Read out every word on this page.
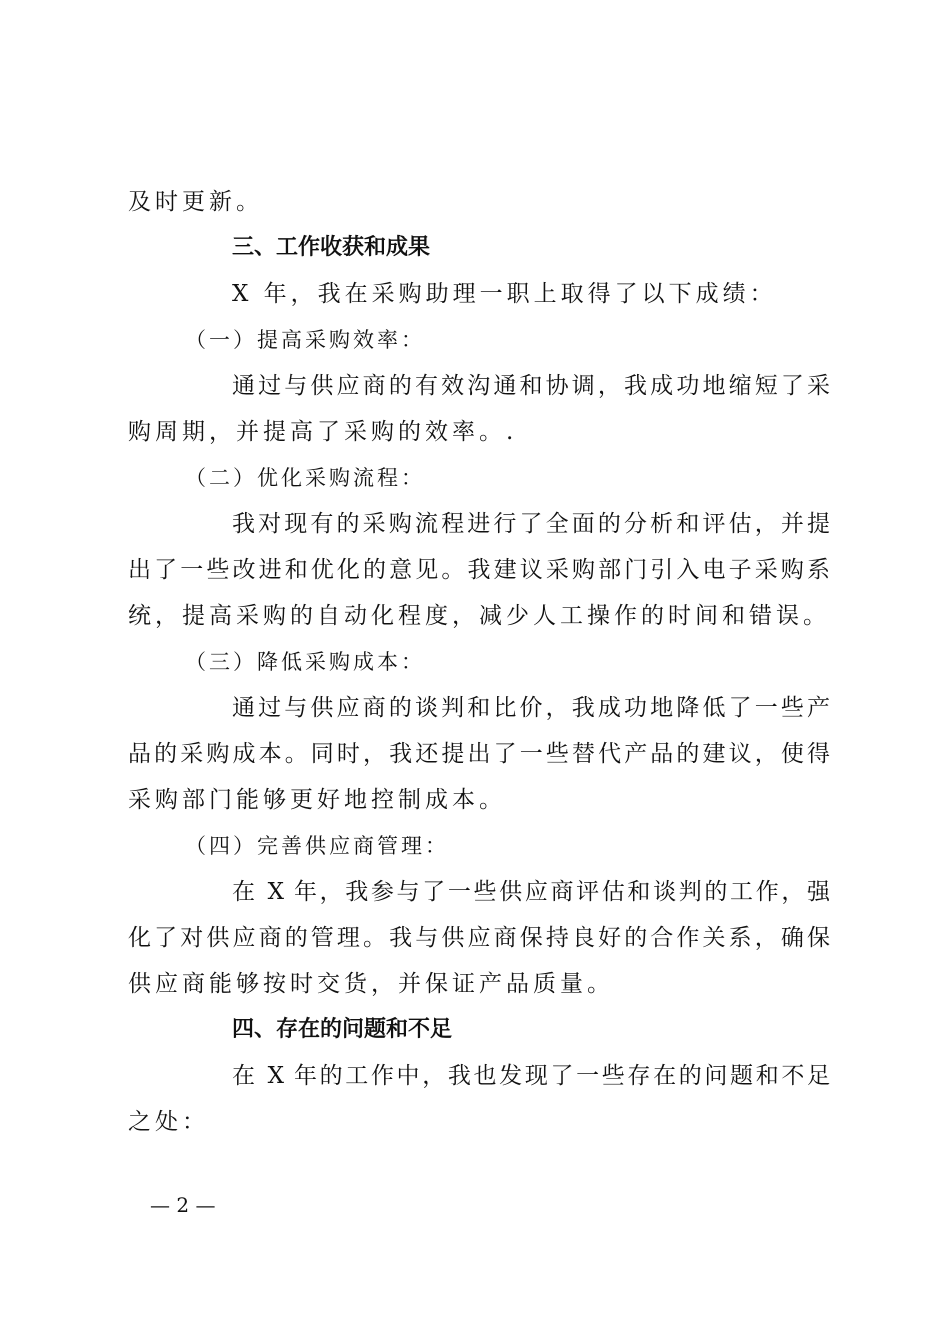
及时更新。
三、工作收获和成果
X 年，我在采购助理一职上取得了以下成绩：
（一）提高采购效率：
通过与供应商的有效沟通和协调，我成功地缩短了采
购周期，并提高了采购的效率。.
（二）优化采购流程：
我对现有的采购流程进行了全面的分析和评估，并提
出了一些改进和优化的意见。我建议采购部门引入电子采购系
统，提高采购的自动化程度，减少人工操作的时间和错误。
（三）降低采购成本：
通过与供应商的谈判和比价，我成功地降低了一些产
品的采购成本。同时，我还提出了一些替代产品的建议，使得
采购部门能够更好地控制成本。
（四）完善供应商管理：
在 X 年，我参与了一些供应商评估和谈判的工作，强
化了对供应商的管理。我与供应商保持良好的合作关系，确保
供应商能够按时交货，并保证产品质量。
四、存在的问题和不足
在 X 年的工作中，我也发现了一些存在的问题和不足
之处：
— 2 —
